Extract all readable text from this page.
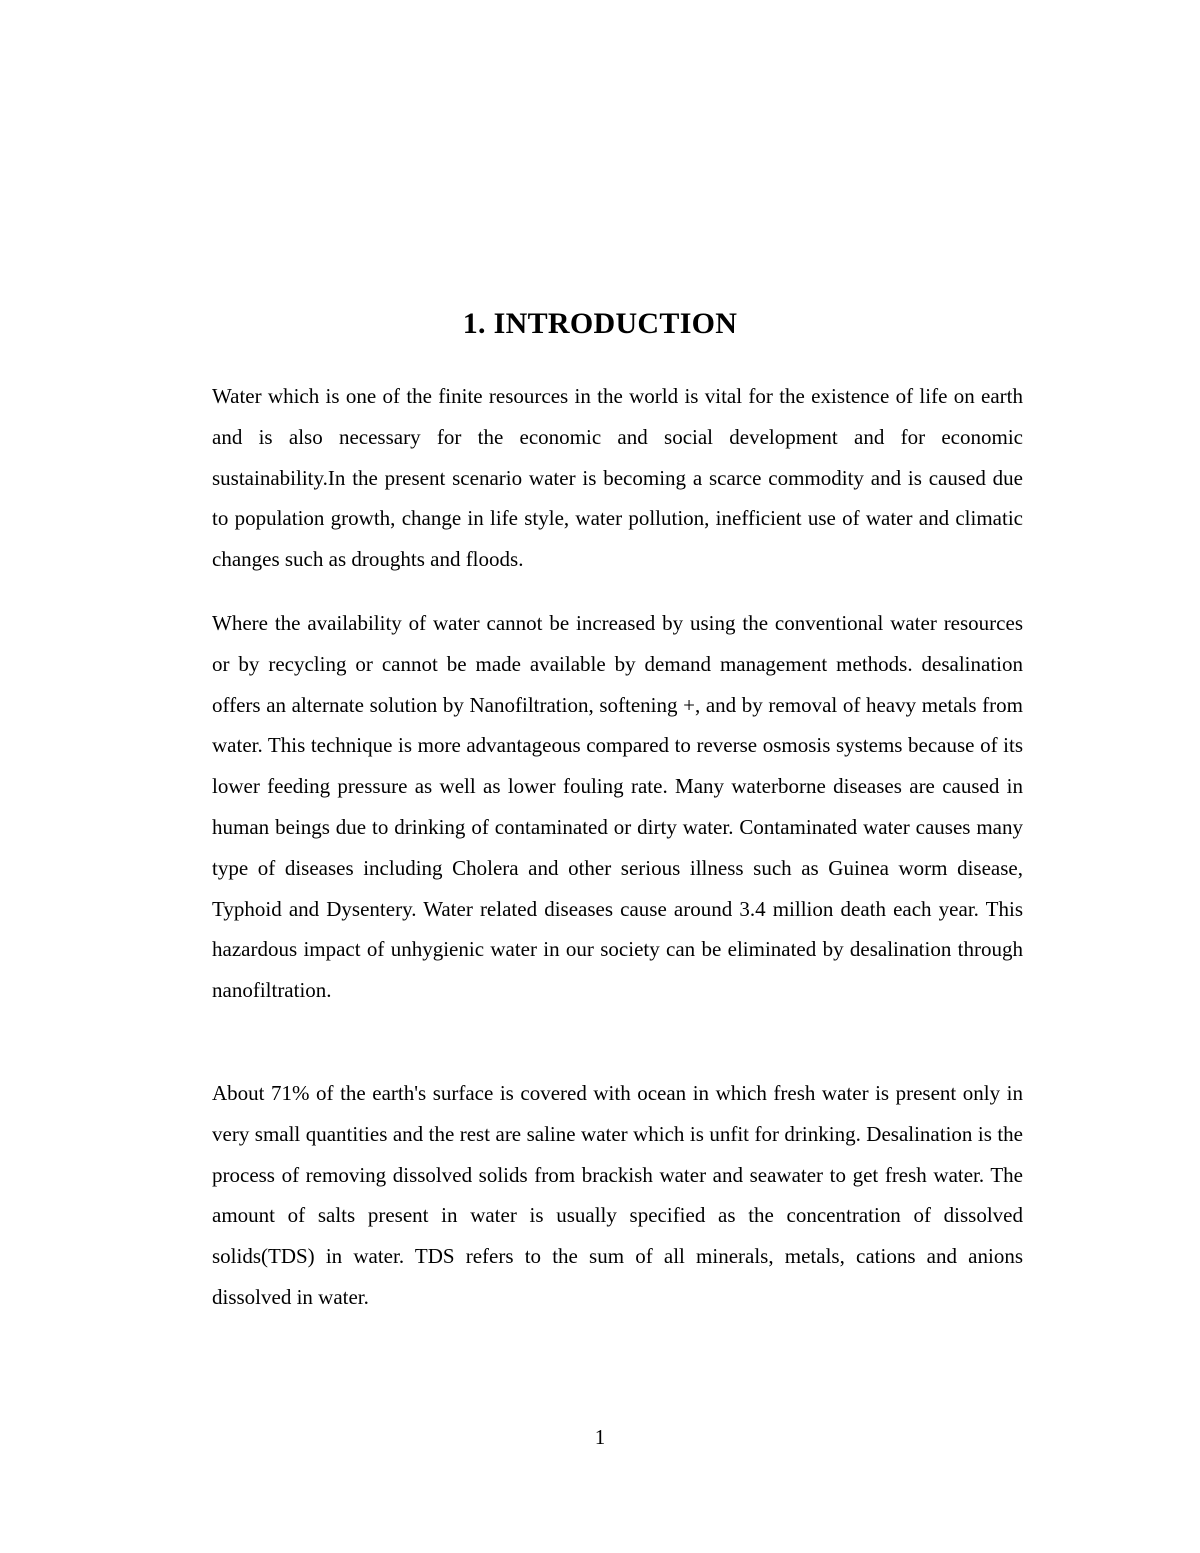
1. INTRODUCTION

Water which is one of the finite resources in the world is vital for the existence of life on earth and is also necessary for the economic and social development and for economic sustainability.In the present scenario water is becoming a scarce commodity and is caused due to population growth, change in life style, water pollution, inefficient use of water and climatic changes such as droughts and floods.

Where the availability of water cannot be increased by using the conventional water resources or by recycling or cannot be made available by demand management methods. desalination offers an alternate solution by Nanofiltration, softening +, and by removal of heavy metals from water. This technique is more advantageous compared to reverse osmosis systems because of its lower feeding pressure as well as lower fouling rate. Many waterborne diseases are caused in human beings due to drinking of contaminated or dirty water. Contaminated water causes many type of diseases including Cholera and other serious illness such as Guinea worm disease, Typhoid and Dysentery. Water related diseases cause around 3.4 million death each year. This hazardous impact of unhygienic water in our society can be eliminated by desalination through nanofiltration.

About 71% of the earth's surface is covered with ocean in which fresh water is present only in very small quantities and the rest are saline water which is unfit for drinking. Desalination is the process of removing dissolved solids from brackish water and seawater to get fresh water. The amount of salts present in water is usually specified as the concentration of dissolved solids(TDS) in water. TDS refers to the sum of all minerals, metals, cations and anions dissolved in water.

1
